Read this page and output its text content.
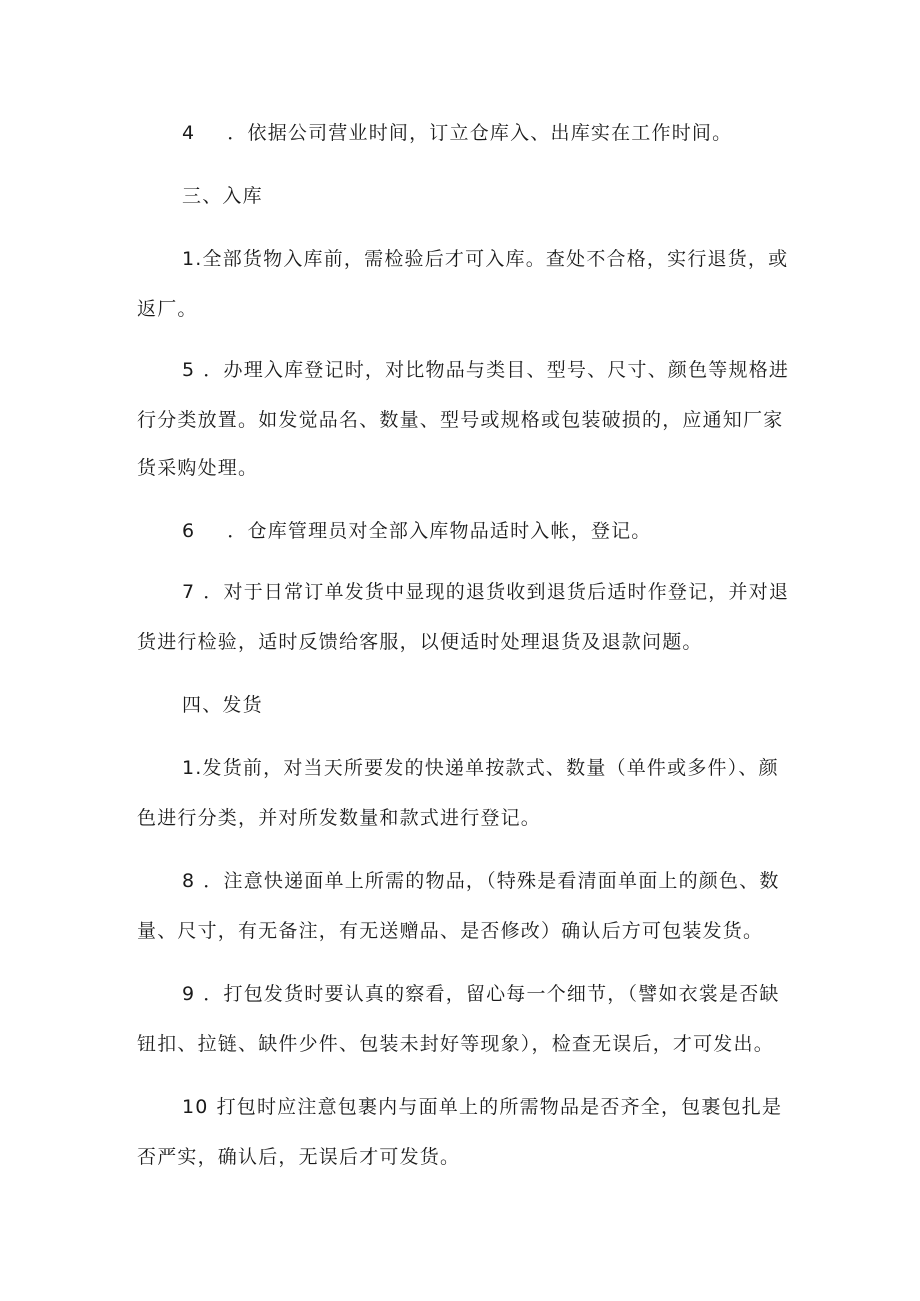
4 ．依据公司营业时间，订立仓库入、出库实在工作时间。
三、入库
1.全部货物入库前，需检验后才可入库。查处不合格，实行退货，或
返厂。
5 ．办理入库登记时，对比物品与类目、型号、尺寸、颜色等规格进
行分类放置。如发觉品名、数量、型号或规格或包装破损的，应通知厂家
货采购处理。
6 ．仓库管理员对全部入库物品适时入帐，登记。
7 ．对于日常订单发货中显现的退货收到退货后适时作登记，并对退
货进行检验，适时反馈给客服，以便适时处理退货及退款问题。
四、发货
1.发货前，对当天所要发的快递单按款式、数量（单件或多件）、颜
色进行分类，并对所发数量和款式进行登记。
8 ．注意快递面单上所需的物品，（特殊是看清面单面上的颜色、数
量、尺寸，有无备注，有无送赠品、是否修改）确认后方可包装发货。
9 ．打包发货时要认真的察看，留心每一个细节，（譬如衣裳是否缺
钮扣、拉链、缺件少件、包装未封好等现象），检查无误后，才可发出。
10 打包时应注意包裹内与面单上的所需物品是否齐全，包裹包扎是
否严实，确认后，无误后才可发货。
